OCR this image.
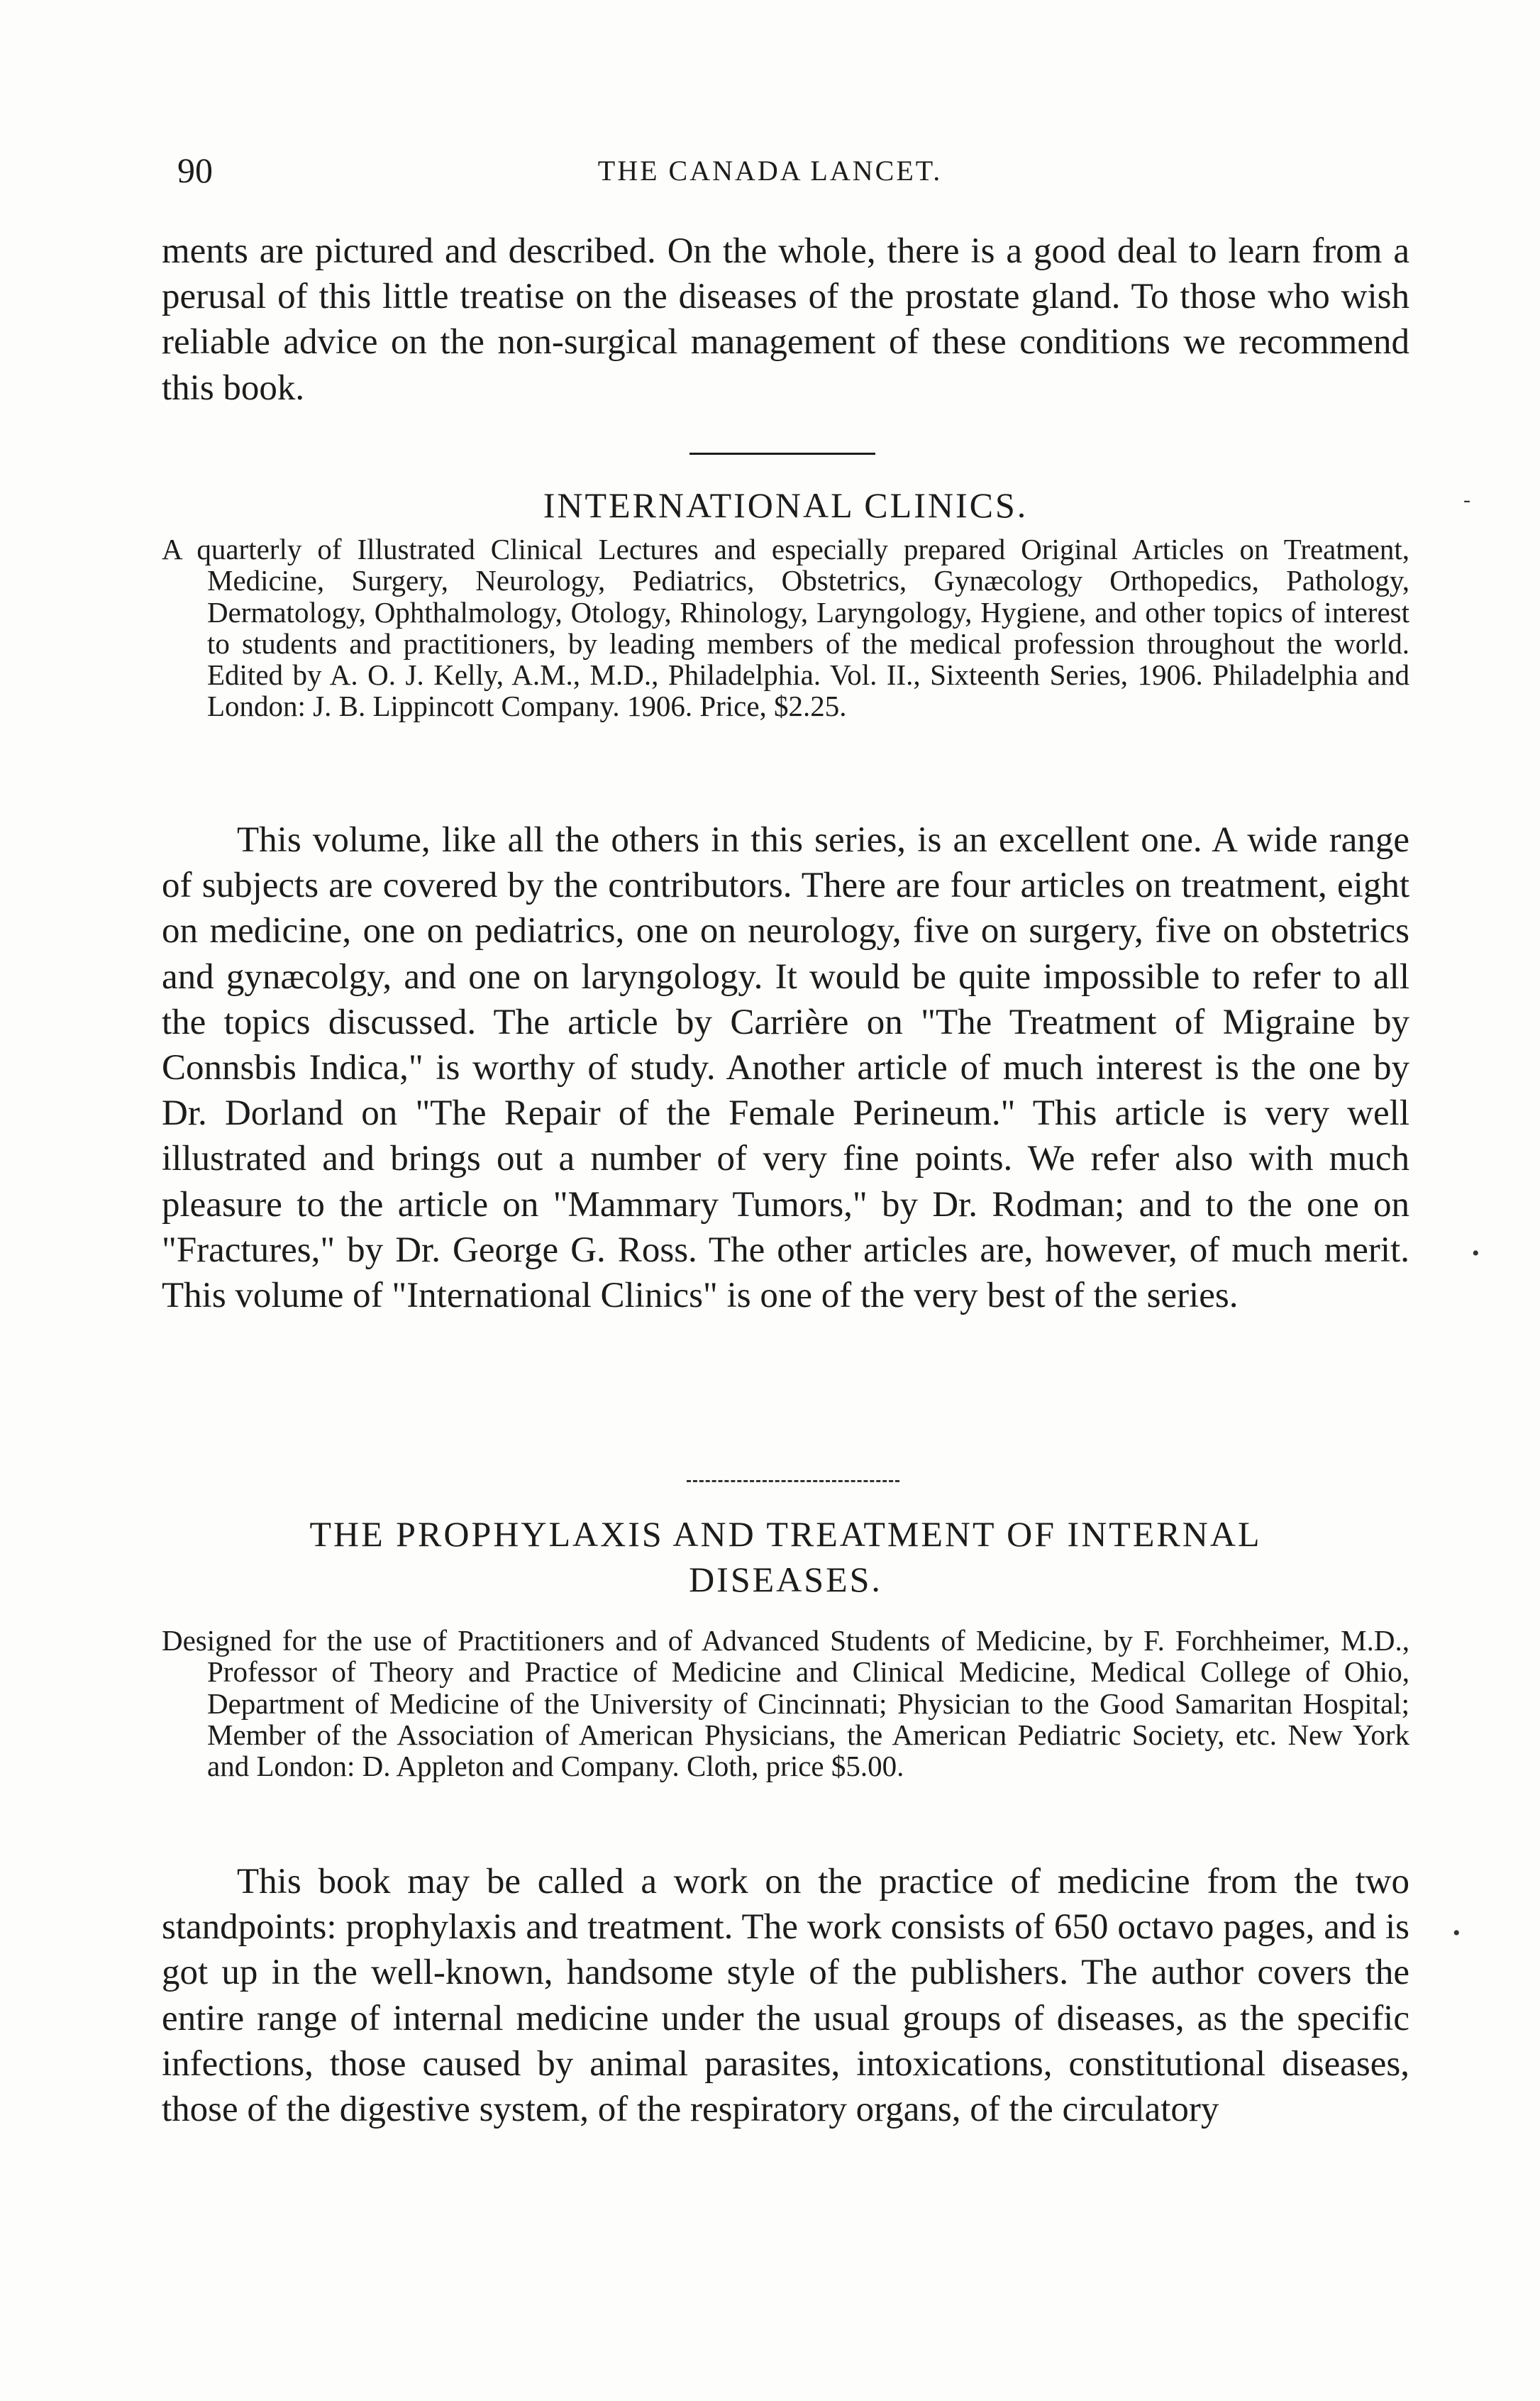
90	THE CANADA LANCET.

ments are pictured and described. On the whole, there is a good deal to learn from a perusal of this little treatise on the diseases of the prostate gland. To those who wish reliable advice on the non-surgical management of these conditions we recommend this book.

INTERNATIONAL CLINICS.

A quarterly of Illustrated Clinical Lectures and especially prepared Original Articles on Treatment, Medicine, Surgery, Neurology, Pediatrics, Obstetrics, Gynæcology Orthopedics, Pathology, Dermatology, Ophthalmology, Otology, Rhinology, Laryngology, Hygiene, and other topics of interest to students and practitioners, by leading members of the medical profession throughout the world. Edited by A. O. J. Kelly, A.M., M.D., Philadelphia. Vol. II., Sixteenth Series, 1906. Philadelphia and London: J. B. Lippincott Company. 1906. Price, $2.25.

This volume, like all the others in this series, is an excellent one. A wide range of subjects are covered by the contributors. There are four articles on treatment, eight on medicine, one on pediatrics, one on neurology, five on surgery, five on obstetrics and gynæcolgy, and one on laryngology. It would be quite impossible to refer to all the topics discussed. The article by Carrière on "The Treatment of Migraine by Connsbis Indica," is worthy of study. Another article of much interest is the one by Dr. Dorland on "The Repair of the Female Perineum." This article is very well illustrated and brings out a number of very fine points. We refer also with much pleasure to the article on "Mammary Tumors," by Dr. Rodman; and to the one on "Fractures," by Dr. George G. Ross. The other articles are, however, of much merit. This volume of "International Clinics" is one of the very best of the series.

THE PROPHYLAXIS AND TREATMENT OF INTERNAL

DISEASES.

Designed for the use of Practitioners and of Advanced Students of Medicine, by F. Forchheimer, M.D., Professor of Theory and Practice of Medicine and Clinical Medicine, Medical College of Ohio, Department of Medicine of the University of Cincinnati; Physician to the Good Samaritan Hospital; Member of the Association of American Physicians, the American Pediatric Society, etc. New York and London: D. Appleton and Company. Cloth, price $5.00.

This book may be called a work on the practice of medicine from the two standpoints: prophylaxis and treatment. The work consists of 650 octavo pages, and is got up in the well-known, handsome style of the publishers. The author covers the entire range of internal medicine under the usual groups of diseases, as the specific infections, those caused by animal parasites, intoxications, constitutional diseases, those of the digestive system, of the respiratory organs, of the circulatory

-
•
•
